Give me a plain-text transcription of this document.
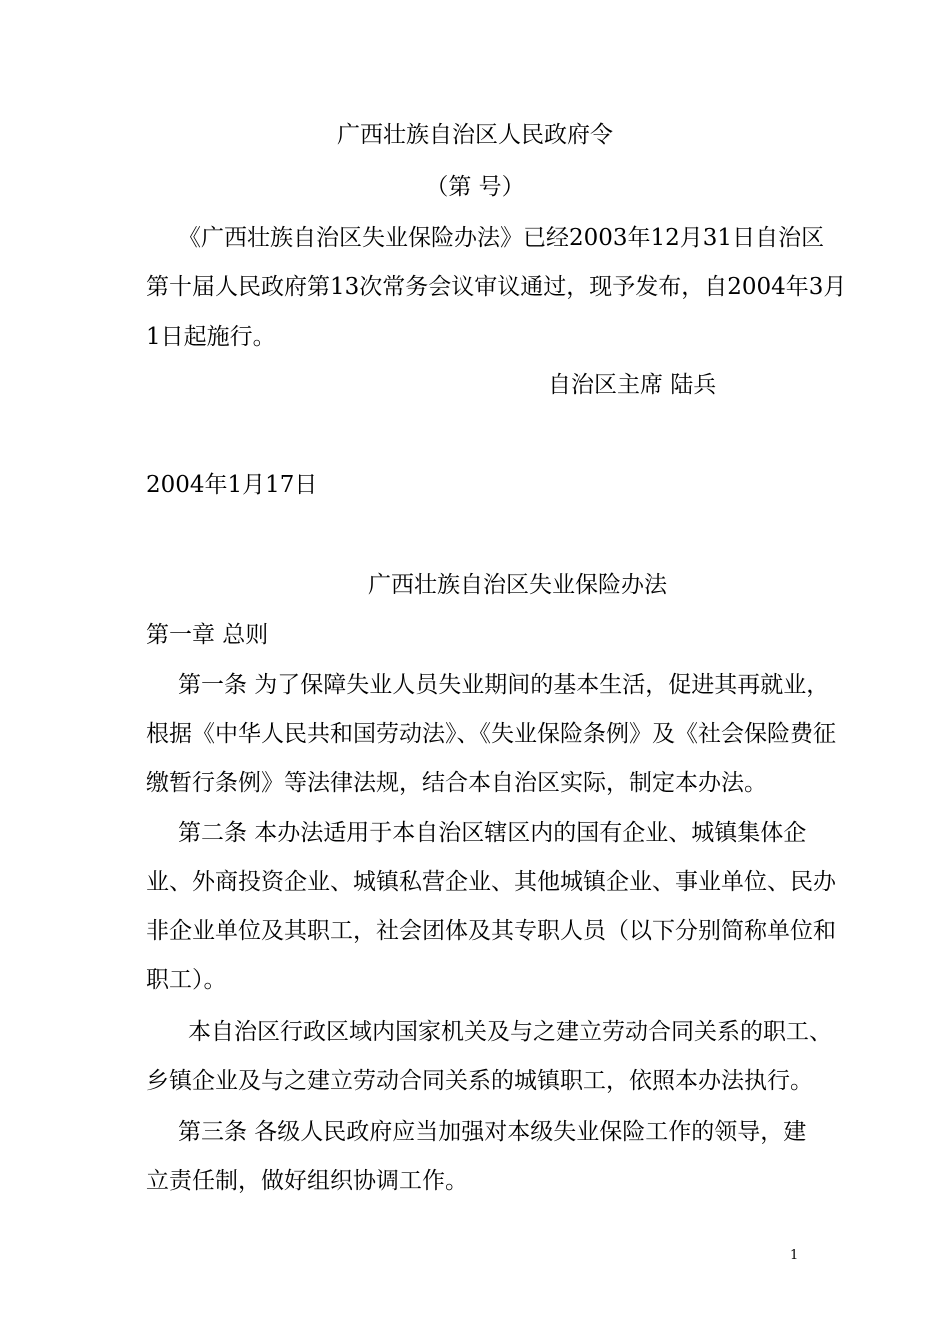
广西壮族自治区人民政府令

（第 号）

《广西壮族自治区失业保险办法》已经2003年12月31日自治区

第十届人民政府第13次常务会议审议通过，现予发布，自2004年3月

1日起施行。

自治区主席 陆兵

2004年1月17日

广西壮族自治区失业保险办法

第一章 总则

第一条 为了保障失业人员失业期间的基本生活，促进其再就业，

根据《中华人民共和国劳动法》、《失业保险条例》及《社会保险费征

缴暂行条例》等法律法规，结合本自治区实际，制定本办法。

第二条 本办法适用于本自治区辖区内的国有企业、城镇集体企

业、外商投资企业、城镇私营企业、其他城镇企业、事业单位、民办

非企业单位及其职工，社会团体及其专职人员（以下分别简称单位和

职工）。

本自治区行政区域内国家机关及与之建立劳动合同关系的职工、

乡镇企业及与之建立劳动合同关系的城镇职工，依照本办法执行。

第三条 各级人民政府应当加强对本级失业保险工作的领导，建

立责任制，做好组织协调工作。

1
